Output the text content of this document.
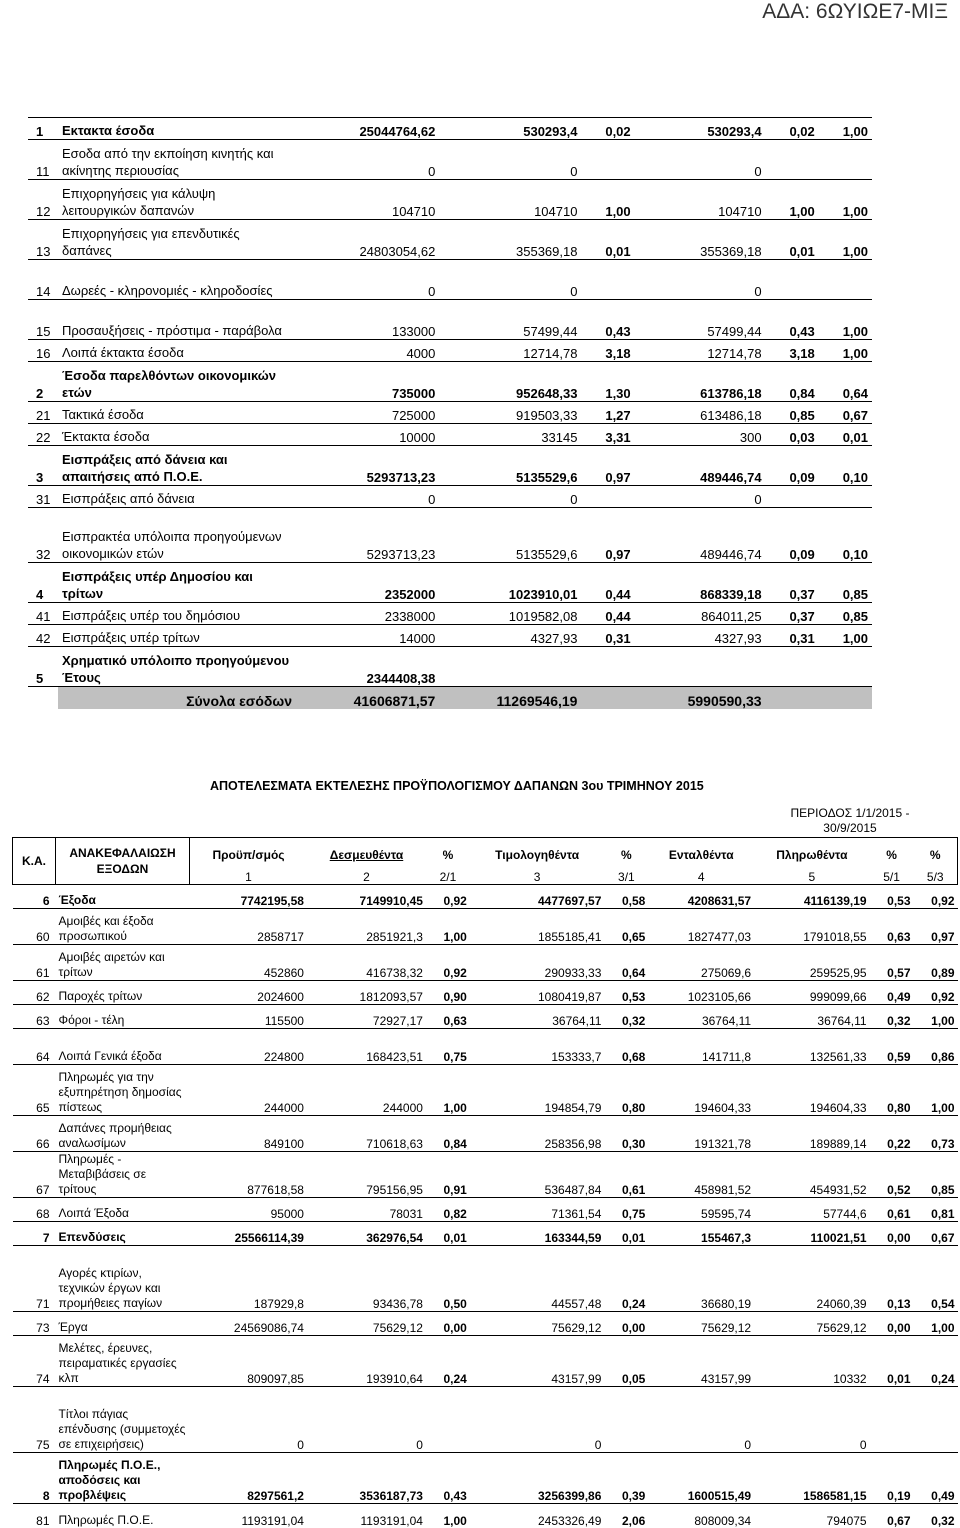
ΑΔΑ: 6ΩΥΙΩΕ7-ΜΙΞ
1	Εκτακτα έσοδα	25044764,62	530293,4	0,02	530293,4	0,02	1,00
11	Εσοδα από την εκποίηση κινητής και ακίνητης περιουσίας	0	0		0		
12	Επιχορηγήσεις για κάλυψη λειτουργικών δαπανών	104710	104710	1,00	104710	1,00	1,00
13	Επιχορηγήσεις για επενδυτικές δαπάνες	24803054,62	355369,18	0,01	355369,18	0,01	1,00
14	Δωρεές - κληρονομιές - κληροδοσίες	0	0		0		
15	Προσαυξήσεις - πρόστιμα - παράβολα	133000	57499,44	0,43	57499,44	0,43	1,00
16	Λοιπά έκτακτα έσοδα	4000	12714,78	3,18	12714,78	3,18	1,00
2	Έσοδα παρελθόντων οικονομικών ετών	735000	952648,33	1,30	613786,18	0,84	0,64
21	Τακτικά έσοδα	725000	919503,33	1,27	613486,18	0,85	0,67
22	Έκτακτα έσοδα	10000	33145	3,31	300	0,03	0,01
3	Εισπράξεις από δάνεια και απαιτήσεις από Π.Ο.Ε.	5293713,23	5135529,6	0,97	489446,74	0,09	0,10
31	Εισπράξεις από δάνεια	0	0		0		
32	Εισπρακτέα υπόλοιπα προηγούμενων οικονομικών ετών	5293713,23	5135529,6	0,97	489446,74	0,09	0,10
4	Εισπράξεις υπέρ Δημοσίου και τρίτων	2352000	1023910,01	0,44	868339,18	0,37	0,85
41	Εισπράξεις υπέρ του δημόσιου	2338000	1019582,08	0,44	864011,25	0,37	0,85
42	Εισπράξεις υπέρ τρίτων	14000	4327,93	0,31	4327,93	0,31	1,00
5	Χρηματικό υπόλοιπο προηγούμενου Έτους	2344408,38					
	Σύνολα εσόδων	41606871,57	11269546,19		5990590,33		
ΑΠΟΤΕΛΕΣΜΑΤΑ ΕΚΤΕΛΕΣΗΣ ΠΡΟΫΠΟΛΟΓΙΣΜΟΥ ΔΑΠΑΝΩΝ 3ου ΤΡΙΜΗΝΟΥ 2015
ΠΕΡΙΟΔΟΣ 1/1/2015 - 30/9/2015
Κ.Α.	ΑΝΑΚΕΦΑΛΑΙΩΣΗ ΕΞΟΔΩΝ	Προϋπ/σμός	Δεσμευθέντα	%	Τιμολογηθέντα	%	Ενταλθέντα	Πληρωθέντα	%	%
		1	2	2/1	3	3/1	4	5	5/1	5/3
6	Έξοδα	7742195,58	7149910,45	0,92	4477697,57	0,58	4208631,57	4116139,19	0,53	0,92
60	Αμοιβές και έξοδα προσωπικού	2858717	2851921,3	1,00	1855185,41	0,65	1827477,03	1791018,55	0,63	0,97
61	Αμοιβές αιρετών και τρίτων	452860	416738,32	0,92	290933,33	0,64	275069,6	259525,95	0,57	0,89
62	Παροχές τρίτων	2024600	1812093,57	0,90	1080419,87	0,53	1023105,66	999099,66	0,49	0,92
63	Φόροι - τέλη	115500	72927,17	0,63	36764,11	0,32	36764,11	36764,11	0,32	1,00
64	Λοιπά Γενικά έξοδα	224800	168423,51	0,75	153333,7	0,68	141711,8	132561,33	0,59	0,86
65	Πληρωμές για την εξυπηρέτηση δημοσίας πίστεως	244000	244000	1,00	194854,79	0,80	194604,33	194604,33	0,80	1,00
66	Δαπάνες προμήθειας αναλωσίμων	849100	710618,63	0,84	258356,98	0,30	191321,78	189889,14	0,22	0,73
67	Πληρωμές - Μεταβιβάσεις σε τρίτους	877618,58	795156,95	0,91	536487,84	0,61	458981,52	454931,52	0,52	0,85
68	Λοιπά Έξοδα	95000	78031	0,82	71361,54	0,75	59595,74	57744,6	0,61	0,81
7	Επενδύσεις	25566114,39	362976,54	0,01	163344,59	0,01	155467,3	110021,51	0,00	0,67
71	Αγορές κτιρίων, τεχνικών έργων και προμήθειες παγίων	187929,8	93436,78	0,50	44557,48	0,24	36680,19	24060,39	0,13	0,54
73	Έργα	24569086,74	75629,12	0,00	75629,12	0,00	75629,12	75629,12	0,00	1,00
74	Μελέτες, έρευνες, πειραματικές εργασίες κλπ	809097,85	193910,64	0,24	43157,99	0,05	43157,99	10332	0,01	0,24
75	Τίτλοι πάγιας επένδυσης (συμμετοχές σε επιχειρήσεις)	0	0		0		0	0		
8	Πληρωμές Π.Ο.Ε., αποδόσεις και προβλέψεις	8297561,2	3536187,73	0,43	3256399,86	0,39	1600515,49	1586581,15	0,19	0,49
81	Πληρωμές Π.Ο.Ε.	1193191,04	1193191,04	1,00	2453326,49	2,06	808009,34	794075	0,67	0,32
